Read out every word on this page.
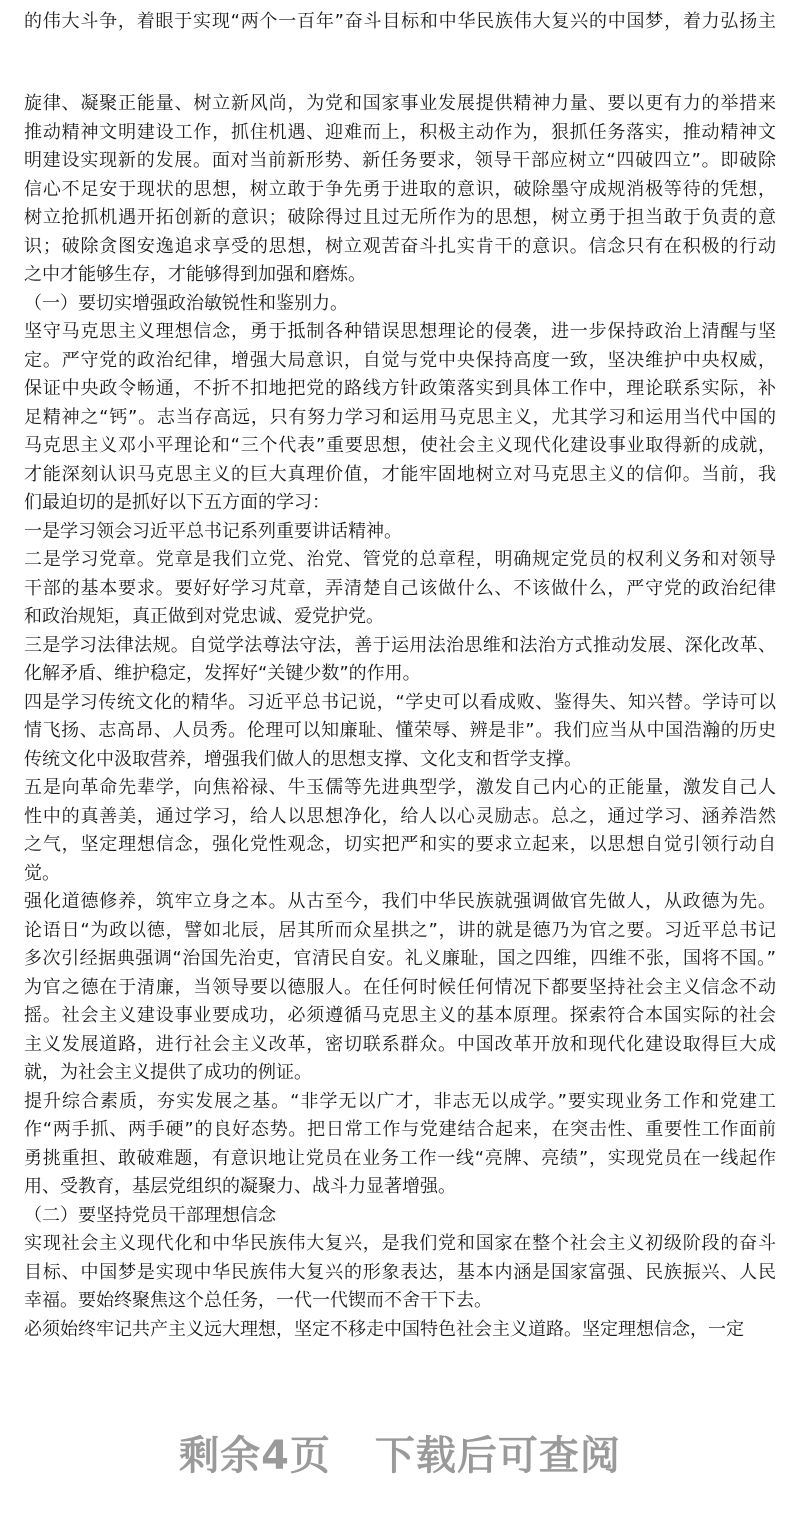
的伟大斗争，着眼于实现“两个一百年”奋斗目标和中华民族伟大复兴的中国梦，着力弘扬主
旋律、凝聚正能量、树立新风尚，为党和国家事业发展提供精神力量、要以更有力的举措来
推动精神文明建设工作，抓住机遇、迎难而上，积极主动作为，狠抓任务落实，推动精神文
明建设实现新的发展。面对当前新形势、新任务要求，领导干部应树立“四破四立”。即破除
信心不足安于现状的思想，树立敢于争先勇于进取的意识，破除墨守成规消极等待的凭想，
树立抢抓机遇开拓创新的意识；破除得过且过无所作为的思想，树立勇于担当敢于负责的意
识；破除贪图安逸追求享受的思想，树立观苦奋斗扎实肯干的意识。信念只有在积极的行动
之中才能够生存，才能够得到加强和磨炼。
（一）要切实增强政治敏锐性和鉴别力。
坚守马克思主义理想信念，勇于抵制各种错误思想理论的侵袭，进一步保持政治上清醒与坚
定。严守党的政治纪律，增强大局意识，自觉与党中央保持高度一致，坚决维护中央权威，
保证中央政令畅通，不折不扣地把党的路线方针政策落实到具体工作中，理论联系实际，补
足精神之“钙”。志当存高远，只有努力学习和运用马克思主义，尤其学习和运用当代中国的
马克思主义邓小平理论和“三个代表”重要思想，使社会主义现代化建设事业取得新的成就，
才能深刻认识马克思主义的巨大真理价值，才能牢固地树立对马克思主义的信仰。当前，我
们最迫切的是抓好以下五方面的学习：
一是学习领会习近平总书记系列重要讲话精神。
二是学习党章。党章是我们立党、治党、管党的总章程，明确规定党员的权利义务和对领导
干部的基本要求。要好好学习芃章，弄清楚自己该做什么、不该做什么，严守党的政治纪律
和政治规矩，真正做到对党忠诚、爱党护党。
三是学习法律法规。自觉学法尊法守法，善于运用法治思维和法治方式推动发展、深化改革、
化解矛盾、维护稳定，发挥好“关键少数”的作用。
四是学习传统文化的精华。习近平总书记说，“学史可以看成败、鉴得失、知兴替。学诗可以
情飞扬、志高昂、人员秀。伦理可以知廉耻、懂荣辱、辨是非”。我们应当从中国浩瀚的历史
传统文化中汲取营养，增强我们做人的思想支撑、文化支和哲学支撑。
五是向革命先辈学，向焦裕禄、牛玉儒等先进典型学，激发自己内心的正能量，激发自己人
性中的真善美，通过学习，给人以思想净化，给人以心灵励志。总之，通过学习、涵养浩然
之气，坚定理想信念，强化党性观念，切实把严和实的要求立起来，以思想自觉引领行动自
觉。
强化道德修养，筑牢立身之本。从古至今，我们中华民族就强调做官先做人，从政德为先。
论语日“为政以德，譬如北辰，居其所而众星拱之”，讲的就是德乃为官之要。习近平总书记
多次引经据典强调“治国先治吏，官清民自安。礼义廉耻，国之四维，四维不张，国将不国。”
为官之德在于清廉，当领导要以德服人。在任何时候任何情况下都要坚持社会主义信念不动
摇。社会主义建设事业要成功，必须遵循马克思主义的基本原理。探索符合本国实际的社会
主义发展道路，进行社会主义改革，密切联系群众。中国改革开放和现代化建设取得巨大成
就，为社会主义提供了成功的例证。
提升综合素质，夯实发展之基。“非学无以广才，非志无以成学。”要实现业务工作和党建工
作“两手抓、两手硬”的良好态势。把日常工作与党建结合起来，在突击性、重要性工作面前
勇挑重担、敢破难题，有意识地让党员在业务工作一线“亮牌、亮绩”，实现党员在一线起作
用、受教育，基层党组织的凝聚力、战斗力显著增强。
（二）要坚持党员干部理想信念
实现社会主义现代化和中华民族伟大复兴，是我们党和国家在整个社会主义初级阶段的奋斗
目标、中国梦是实现中华民族伟大复兴的形象表达，基本内涵是国家富强、民族振兴、人民
幸福。要始终聚焦这个总任务，一代一代锲而不舍干下去。
必须始终牢记共产主义远大理想，坚定不移走中国特色社会主义道路。坚定理想信念，一定
剩余4页 下载后可查阅
